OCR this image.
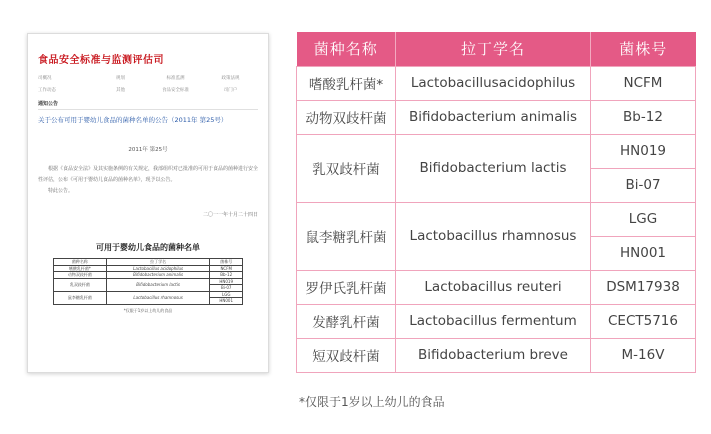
食品安全标准与监测评估司
司概况	规划	标准监测	政策法规
工作动态	其他	食品安全标准	司门户
通知公告
关于公布可用于婴幼儿食品的菌种名单的公告（2011年 第25号）

2011年 第25号
根据《食品安全法》及其实施条例的有关规定，我部组织对已批准的可用于食品的菌种进行安全性评估，公布《可用于婴幼儿食品的菌种名单》，现予以公告。
特此公告。
二〇一一年十月二十四日
可用于婴幼儿食品的菌种名单
菌种名称	拉丁学名	菌株号
嗜酸乳杆菌*	Lactobacillus acidophilus	NCFM
动物双歧杆菌	Bifidobacterium animalis	Bb-12
乳双歧杆菌	Bifidobacterium lactis	HN019
		Bi-07
鼠李糖乳杆菌	Lactobacillus rhamnosus	LGG
		HN001
*仅限于1岁以上幼儿的食品
菌种名称	拉丁学名	菌株号
嗜酸乳杆菌*	Lactobacillusacidophilus	NCFM
动物双歧杆菌	Bifidobacterium animalis	Bb-12
乳双歧杆菌	Bifidobacterium lactis	HN019
		Bi-07
鼠李糖乳杆菌	Lactobacillus rhamnosus	LGG
		HN001
罗伊氏乳杆菌	Lactobacillus reuteri	DSM17938
发酵乳杆菌	Lactobacillus fermentum	CECT5716
短双歧杆菌	Bifidobacterium breve	M-16V
*仅限于1岁以上幼儿的食品
